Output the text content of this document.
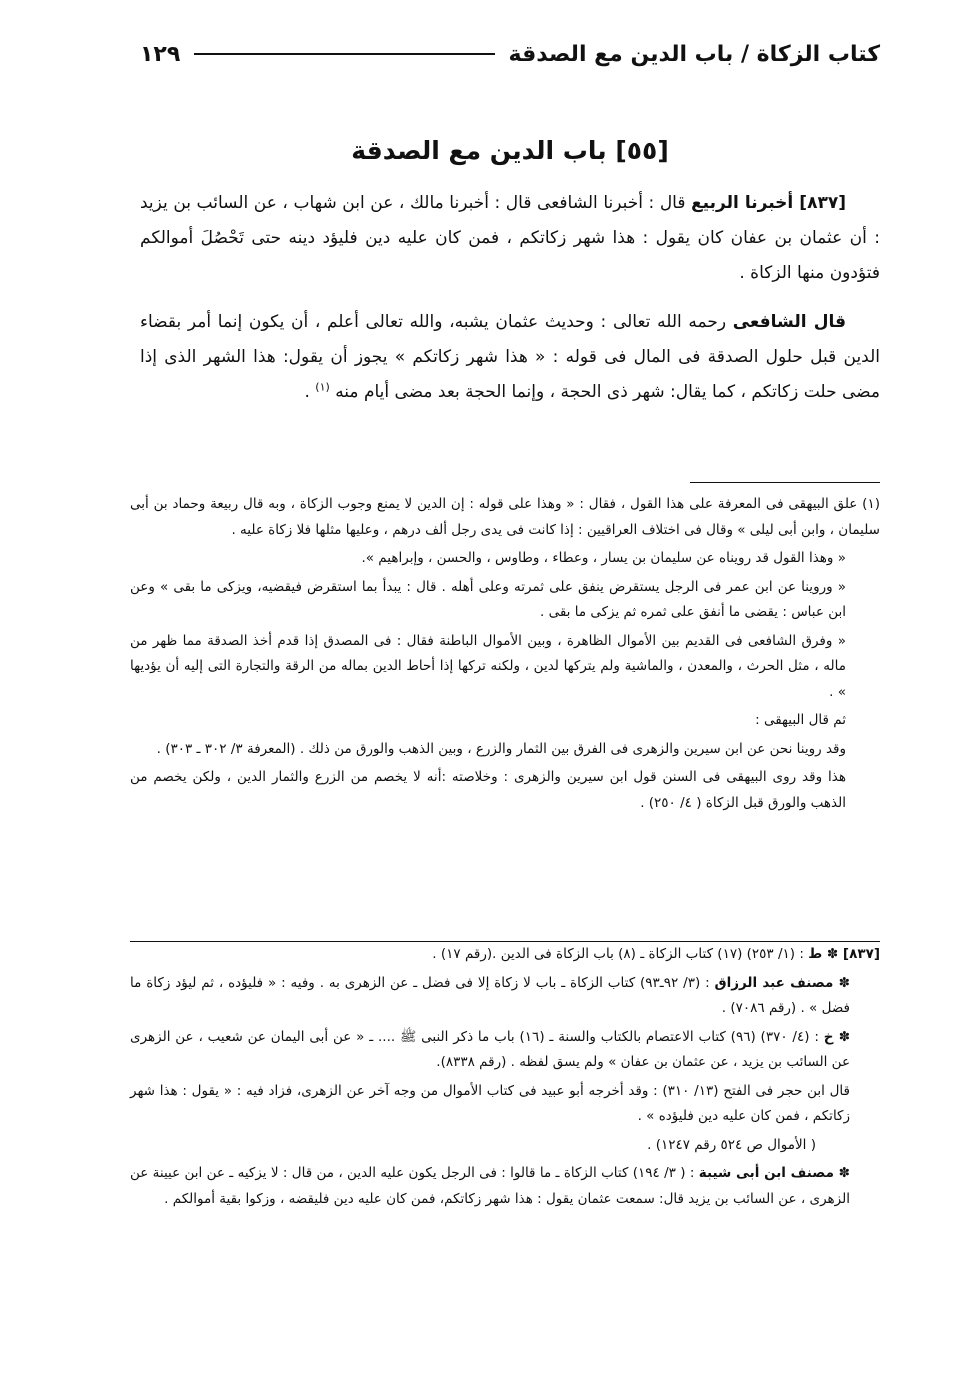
كتاب الزكاة / باب الدين مع الصدقة
١٢٩
[٥٥] باب الدين مع الصدقة

[٨٣٧] أخبرنا الربيع قال : أخبرنا الشافعى قال : أخبرنا مالك ، عن ابن شهاب ، عن السائب بن يزيد : أن عثمان بن عفان كان يقول : هذا شهر زكاتكم ، فمن كان عليه دين فليؤد دينه حتى تَحْصُلَ أموالكم فتؤدون منها الزكاة .

قال الشافعى رحمه الله تعالى : وحديث عثمان يشبه، والله تعالى أعلم ، أن يكون إنما أمر بقضاء الدين قبل حلول الصدقة فى المال فى قوله : « هذا شهر زكاتكم » يجوز أن يقول: هذا الشهر الذى إذا مضى حلت زكاتكم ، كما يقال: شهر ذى الحجة ، وإنما الحجة بعد مضى أيام منه $^{(١)}$ .

(١) علق البيهقى فى المعرفة على هذا القول ، فقال : « وهذا على قوله : إن الدين لا يمنع وجوب الزكاة ، وبه قال ربيعة وحماد بن أبى سليمان ، وابن أبى ليلى » وقال فى اختلاف العراقيين : إذا كانت فى يدى رجل ألف درهم ، وعليها مثلها فلا زكاة عليه .

« وهذا القول قد رويناه عن سليمان بن يسار ، وعطاء ، وطاوس ، والحسن ، وإبراهيم ».

« وروينا عن ابن عمر فى الرجل يستقرض ينفق على ثمرته وعلى أهله . قال : يبدأ بما استقرض فيقضيه، ويزكى ما بقى » وعن ابن عباس : يقضى ما أنفق على ثمره ثم يزكى ما بقى .

« وفرق الشافعى فى القديم بين الأموال الظاهرة ، وبين الأموال الباطنة فقال : فى المصدق إذا قدم أخذ الصدقة مما ظهر من ماله ، مثل الحرث ، والمعدن ، والماشية ولم يتركها لدين ، ولكنه تركها إذا أحاط الدين بماله من الرقة والتجارة التى إليه أن يؤديها » .

ثم قال البيهقى :

وقد روينا نحن عن ابن سيرين والزهرى فى الفرق بين الثمار والزرع ، وبين الذهب والورق من ذلك . (المعرفة ٣/ ٣٠٢ ـ ٣٠٣) .

هذا وقد روى البيهقى فى السنن قول ابن سيرين والزهرى : وخلاصته :أنه لا يخصم من الزرع والثمار الدين ، ولكن يخصم من الذهب والورق قبل الزكاة ( ٤/ ٢٥٠) .

[٨٣٧] ✽ ط : (١/ ٢٥٣) (١٧) كتاب الزكاة ـ (٨) باب الزكاة فى الدين .(رقم ١٧) .

✽ مصنف عبد الرزاق : (٣/ ٩٢ـ٩٣) كتاب الزكاة ـ باب لا زكاة إلا فى فضل ـ عن الزهرى به . وفيه : « فليؤده ، ثم ليؤد زكاة ما فضل » . (رقم ٧٠٨٦) .

✽ خ : (٤/ ٣٧٠) (٩٦) كتاب الاعتصام بالكتاب والسنة ـ (١٦) باب ما ذكر النبى ﷺ .... ـ « عن أبى اليمان عن شعيب ، عن الزهرى عن السائب بن يزيد ، عن عثمان بن عفان » ولم يسق لفظه . (رقم ٨٣٣٨).

قال ابن حجر فى الفتح (١٣/ ٣١٠) : وقد أخرجه أبو عبيد فى كتاب الأموال من وجه آخر عن الزهرى، فزاد فيه : « يقول : هذا شهر زكاتكم ، فمن كان عليه دين فليؤده » .

( الأموال ص ٥٢٤ رقم ١٢٤٧) .

✽ مصنف ابن أبى شيبة : ( ٣/ ١٩٤) كتاب الزكاة ـ ما قالوا : فى الرجل يكون عليه الدين ، من قال : لا يزكيه ـ عن ابن عيينة عن الزهرى ، عن السائب بن يزيد قال: سمعت عثمان يقول : هذا شهر زكاتكم، فمن كان عليه دين فليقضه ، وزكوا بقية أموالكم .
